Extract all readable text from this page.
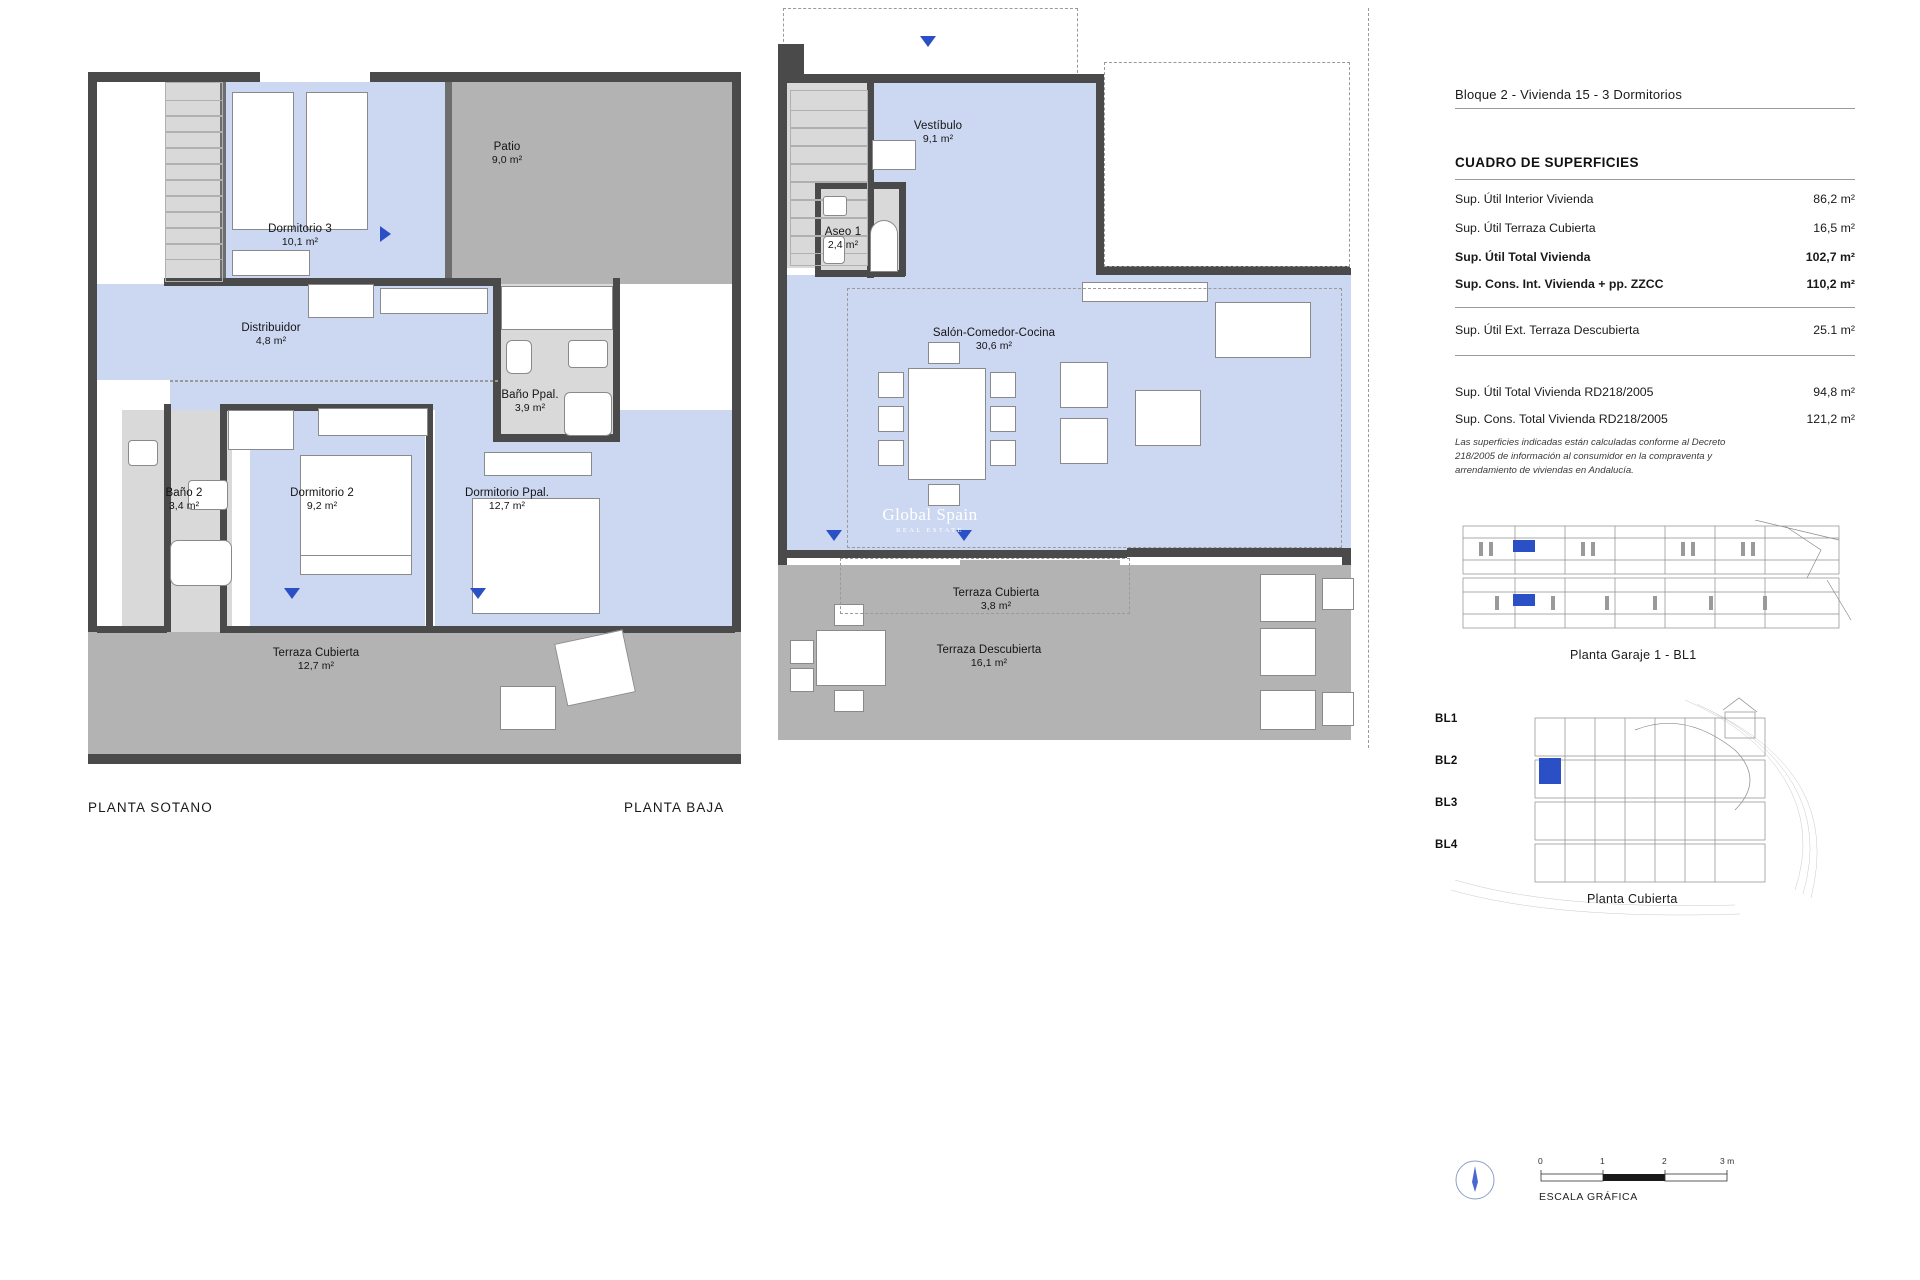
Patio
9,0 m²
Dormitorio 3
10,1 m²
Distribuidor
4,8 m²
Baño Ppal.
3,9 m²
Baño 2
3,4 m²
Dormitorio 2
9,2 m²
Dormitorio Ppal.
12,7 m²
Terraza Cubierta
12,7 m²
PLANTA SOTANO
Global Spain
REAL ESTATE
Vestíbulo
9,1 m²
Aseo 1
2,4 m²
Salón-Comedor-Cocina
30,6 m²
Terraza Cubierta
3,8 m²
Terraza Descubierta
16,1 m²
PLANTA BAJA
Bloque 2 - Vivienda 15 - 3 Dormitorios
CUADRO DE SUPERFICIES
Sup. Útil Interior Vivienda	86,2 m²
Sup. Útil Terraza Cubierta	16,5 m²
Sup. Útil Total Vivienda	102,7 m²
Sup. Cons. Int. Vivienda + pp. ZZCC	110,2 m²
Sup. Útil Ext. Terraza Descubierta	25.1 m²
Sup. Útil Total Vivienda RD218/2005	94,8 m²
Sup. Cons. Total Vivienda RD218/2005	121,2 m²
Las superficies indicadas están calculadas conforme al Decreto 218/2005 de información al consumidor en la compraventa y arrendamiento de viviendas en Andalucía.
Planta Garaje 1 - BL1
BL1
BL2
BL3
BL4
Planta Cubierta
0	1	2	3 m
ESCALA GRÁFICA
